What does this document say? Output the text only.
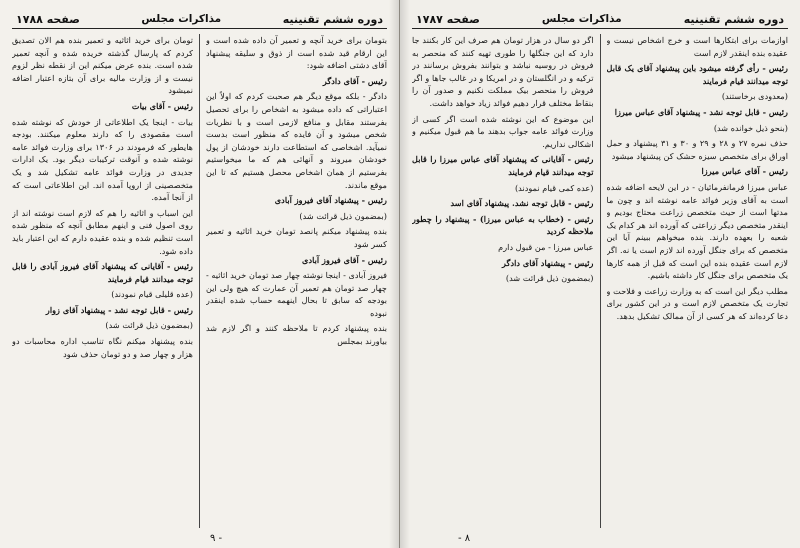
دوره ششم تقنینیه
مذاکرات مجلس
صفحه ۱۷۸۸

بتومان برای خرید آنچه و تعمیر آن داده شده است و این ارقام قید شده است از ذوق و سلیقه پیشنهاد آقای دشتی اضافه شود:

رئیس - آقای دادگر

دادگر - بلکه موقع دیگر هم صحبت کردم که اولاً این اعتباراتی که داده میشود به اشخاص را برای تحصیل بفرستند مقابل و منافع لازمی است و با نظریات شخص میشود و آن فایده که منظور است بدست نمیآید. اشخاصی که استطاعت دارند خودشان از پول خودشان میروند و آنهائی هم که ما میخواستیم بفرستیم از همان اشخاص محصل هستیم که تا این موقع ماندند.

رئیس - پیشنهاد آقای فیروز آبادی

(بمضمون ذیل قرائت شد)

بنده پیشنهاد میکنم پانصد تومان خرید اثاثیه و تعمیر کسر شود

رئیس - آقای فیروز آبادی

فیروز آبادی - اینجا نوشته چهار صد تومان خرید اثاثیه - چهار صد تومان هم تعمیر آن عمارت که هیچ ولی این بودجه که سابق تا بحال اینهمه حساب شده اینقدر نبوده

بنده پیشنهاد کردم تا ملاحظه کنند و اگر لازم شد بیاورند بمجلس

تومان برای خرید اثاثیه و تعمیر بنده هم الان تصدیق کردم که پارسال گذشته خریده شده و آنچه تعمیر شده است. بنده عرض میکنم این از نقطه نظر لزوم نیست و از وزارت مالیه برای آن بتازه اعتبار اضافه نمیشود

رئیس - آقای بیات

بیات - اینجا یک اطلاعاتی از خودش که نوشته شده است مقصودی را که دارند معلوم میکنند. بودجه هایطور که فرمودند در ۱۳۰۶ برای وزارت فوائد عامه نوشته شده و آنوقت ترکیبات دیگر بود. یک ادارات جدیدی در وزارت فوائد عامه تشکیل شد و یک متخصصینی از اروپا آمده اند. این اطلاعاتی است که از آنجا آمده.

این اسباب و اثاثیه را هم که لازم است نوشته اند از روی اصول فنی و اینهم مطابق آنچه که منظور شده است تنظیم شده و بنده عقیده دارم که این اعتبار باید داده شود.

رئیس - آقایانی که پیشنهاد آقای فیروز آبادی را قابل توجه میدانند قیام فرمایند

(عده قلیلی قیام نمودند)

رئیس - قابل توجه نشد - پیشنهاد آقای زوار

(بمضمون ذیل قرائت شد)

بنده پیشنهاد میکنم نگاه تناسب اداره محاسبات دو هزار و چهار صد و دو تومان حذف شود

۹ -
دوره ششم تقنینیه
مذاکرات مجلس
صفحه ۱۷۸۷

اوازمات برای ابتکارها است و خرج اشخاص نیست و عقیده بنده اینقدر لازم است

رئیس - رأی گرفته میشود باین پیشنهاد آقای یک قابل توجه میدانند قیام فرمایند

(معدودی برخاستند)

رئیس - قابل توجه نشد - پیشنهاد آقای عباس میرزا

(بنحو ذیل خوانده شد)

حذف نمره ۲۷ و ۲۸ و ۲۹ و ۳۰ و ۳۱ پیشنهاد و حمل اوراق برای متخصص سیزه حشک کن پیشنهاد میشود

رئیس - آقای عباس میرزا

عباس میرزا فرمانفرمائیان - در این لایحه اضافه شده است به آقای وزیر فوائد عامه نوشته اند و چون ما مدتها است از حیث متخصص زراعت محتاج بودیم و اینقدر متخصص دیگر زراعتی که آورده اند هر کدام یک شعبه را بعهده دارند. بنده میخواهم ببینم آیا این متخصص که برای جنگل آورده اند لازم است یا نه. اگر لازم است عقیده بنده این است که قبل از همه کارها یک متخصص برای جنگل کار داشته باشیم.

مطلب دیگر این است که به وزارت زراعت و فلاحت و تجارت یک متخصص لازم است و در این کشور برای دعا کرده‌اند که هر کسی از آن ممالک تشکیل بدهد.

اگر دو سال در هزار تومان هم صرف این کار بکنند جا دارد که این جنگلها را طوری تهیه کنند که منحصر به فروش در روسیه نباشد و بتوانند بفروش برسانند در ترکیه و در انگلستان و در امریکا و در غالب جاها و اگر فروش را منحصر بیک مملکت نکنیم و صدور آن را بنقاط مختلف قرار دهیم فوائد زیاد خواهد داشت.

این موضوع که این نوشته شده است اگر کسی از وزارت فوائد عامه جواب بدهند ما هم قبول میکنیم و اشکالی نداریم.

رئیس - آقایانی که پیشنهاد آقای عباس میرزا را قابل توجه میدانند قیام فرمایند

(عده کمی قیام نمودند)

رئیس - قابل توجه نشد. پیشنهاد آقای اسد

رئیس - (خطاب به عباس میرزا) - پیشنهاد را چطور ملاحظه کردید

عباس میرزا - من قبول دارم

رئیس - پیشنهاد آقای دادگر

(بمضمون ذیل قرائت شد)

- ۸
